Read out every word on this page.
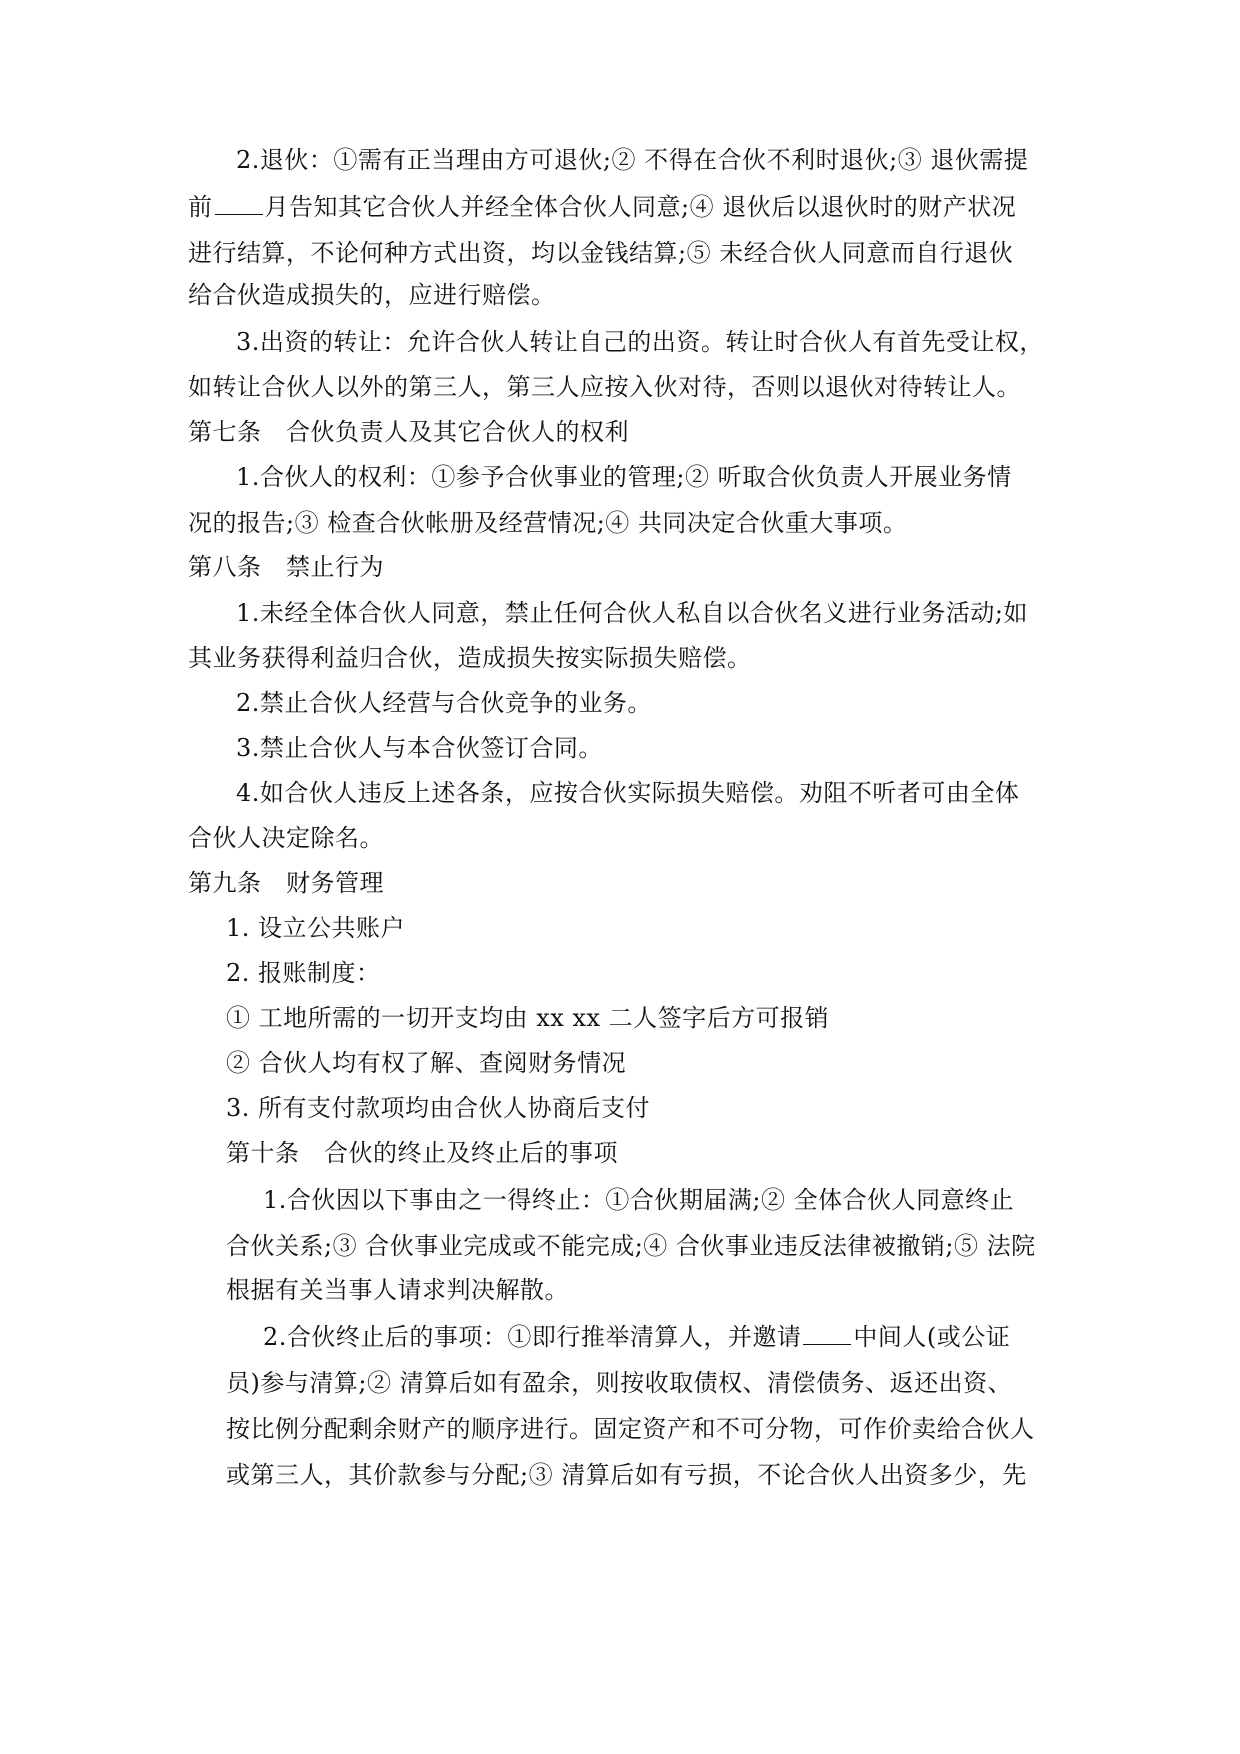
2.退伙：①需有正当理由方可退伙;② 不得在合伙不利时退伙;③ 退伙需提
前 月告知其它合伙人并经全体合伙人同意;④ 退伙后以退伙时的财产状况
进行结算，不论何种方式出资，均以金钱结算;⑤ 未经合伙人同意而自行退伙
给合伙造成损失的，应进行赔偿。
3.出资的转让：允许合伙人转让自己的出资。转让时合伙人有首先受让权，
如转让合伙人以外的第三人，第三人应按入伙对待，否则以退伙对待转让人。
第七条　合伙负责人及其它合伙人的权利
1.合伙人的权利：①参予合伙事业的管理;② 听取合伙负责人开展业务情
况的报告;③ 检查合伙帐册及经营情况;④ 共同决定合伙重大事项。
第八条　禁止行为
1.未经全体合伙人同意，禁止任何合伙人私自以合伙名义进行业务活动;如
其业务获得利益归合伙，造成损失按实际损失赔偿。
2.禁止合伙人经营与合伙竞争的业务。
3.禁止合伙人与本合伙签订合同。
4.如合伙人违反上述各条，应按合伙实际损失赔偿。劝阻不听者可由全体
合伙人决定除名。
第九条　财务管理
1. 设立公共账户
2. 报账制度：
① 工地所需的一切开支均由 xx xx 二人签字后方可报销
② 合伙人均有权了解、查阅财务情况
3. 所有支付款项均由合伙人协商后支付
第十条　合伙的终止及终止后的事项
1.合伙因以下事由之一得终止：①合伙期届满;② 全体合伙人同意终止
合伙关系;③ 合伙事业完成或不能完成;④ 合伙事业违反法律被撤销;⑤ 法院
根据有关当事人请求判决解散。
2.合伙终止后的事项：①即行推举清算人，并邀请 中间人(或公证
员)参与清算;② 清算后如有盈余，则按收取债权、清偿债务、返还出资、
按比例分配剩余财产的顺序进行。固定资产和不可分物，可作价卖给合伙人
或第三人，其价款参与分配;③ 清算后如有亏损，不论合伙人出资多少，先
